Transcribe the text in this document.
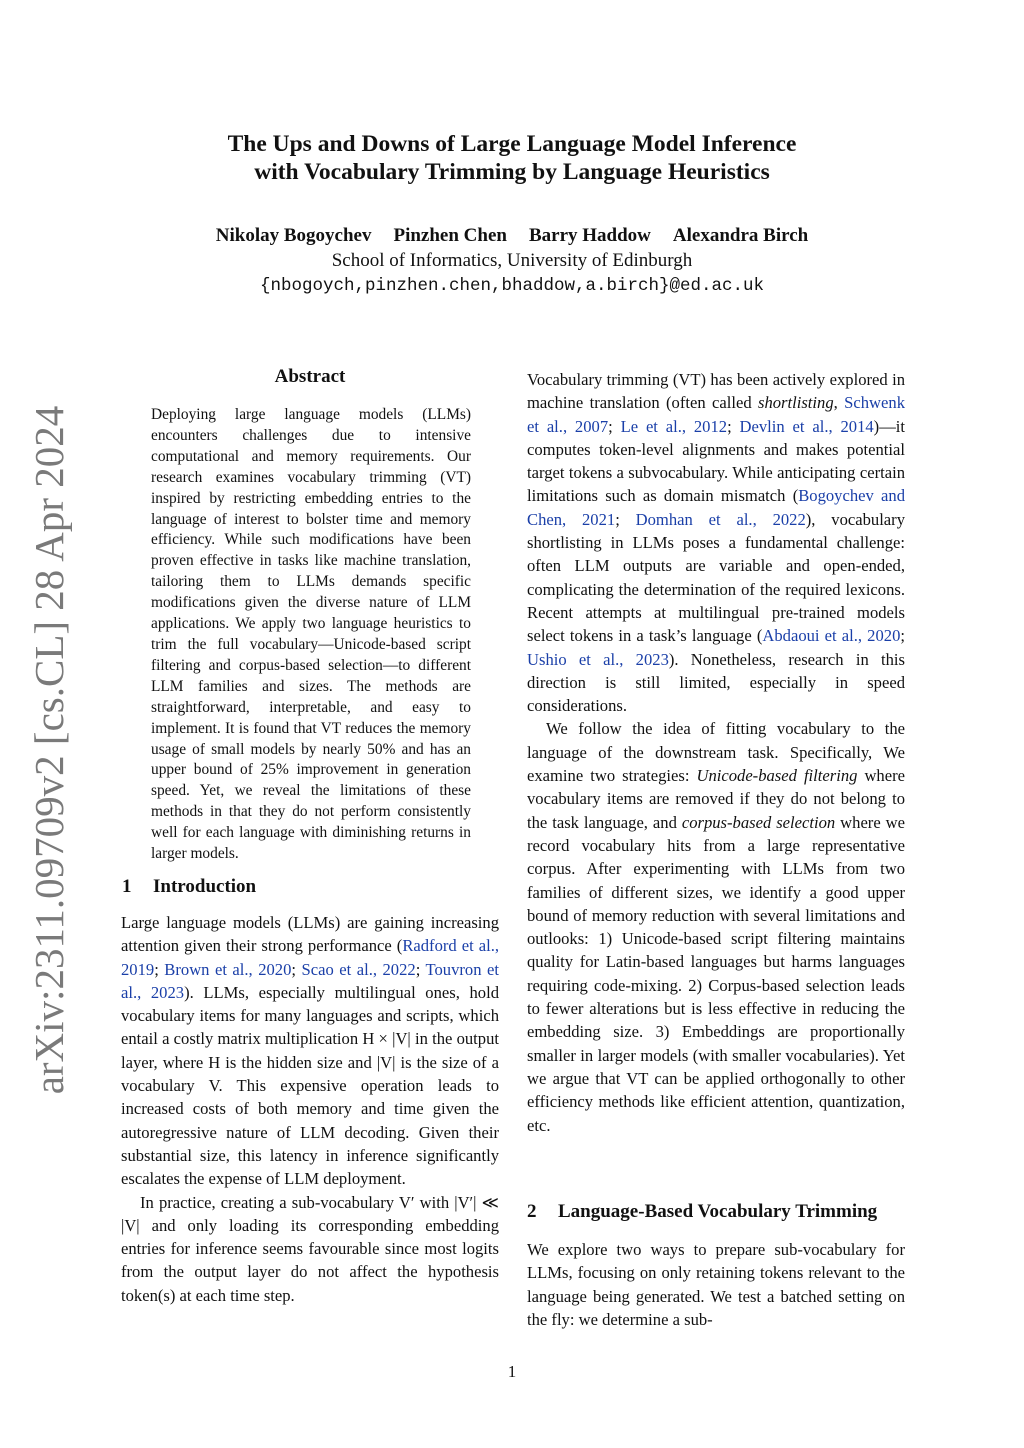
arXiv:2311.09709v2 [cs.CL] 28 Apr 2024
The Ups and Downs of Large Language Model Inference
with Vocabulary Trimming by Language Heuristics
Nikolay Bogoychev Pinzhen Chen Barry Haddow Alexandra Birch
School of Informatics, University of Edinburgh
{nbogoych,pinzhen.chen,bhaddow,a.birch}@ed.ac.uk
Abstract
Deploying large language models (LLMs) encounters challenges due to intensive computational and memory requirements. Our research examines vocabulary trimming (VT) inspired by restricting embedding entries to the language of interest to bolster time and memory efficiency. While such modifications have been proven effective in tasks like machine translation, tailoring them to LLMs demands specific modifications given the diverse nature of LLM applications. We apply two language heuristics to trim the full vocabulary—Unicode-based script filtering and corpus-based selection—to different LLM families and sizes. The methods are straightforward, interpretable, and easy to implement. It is found that VT reduces the memory usage of small models by nearly 50% and has an upper bound of 25% improvement in generation speed. Yet, we reveal the limitations of these methods in that they do not perform consistently well for each language with diminishing returns in larger models.
1 Introduction

Large language models (LLMs) are gaining increasing attention given their strong performance (Radford et al., 2019; Brown et al., 2020; Scao et al., 2022; Touvron et al., 2023). LLMs, especially multilingual ones, hold vocabulary items for many languages and scripts, which entail a costly matrix multiplication H × |V| in the output layer, where H is the hidden size and |V| is the size of a vocabulary V. This expensive operation leads to increased costs of both memory and time given the autoregressive nature of LLM decoding. Given their substantial size, this latency in inference significantly escalates the expense of LLM deployment.

In practice, creating a sub-vocabulary V′ with |V′| ≪ |V| and only loading its corresponding embedding entries for inference seems favourable since most logits from the output layer do not affect the hypothesis token(s) at each time step.

Vocabulary trimming (VT) has been actively explored in machine translation (often called shortlisting, Schwenk et al., 2007; Le et al., 2012; Devlin et al., 2014)—it computes token-level alignments and makes potential target tokens a subvocabulary. While anticipating certain limitations such as domain mismatch (Bogoychev and Chen, 2021; Domhan et al., 2022), vocabulary shortlisting in LLMs poses a fundamental challenge: often LLM outputs are variable and open-ended, complicating the determination of the required lexicons. Recent attempts at multilingual pre-trained models select tokens in a task’s language (Abdaoui et al., 2020; Ushio et al., 2023). Nonetheless, research in this direction is still limited, especially in speed considerations.

We follow the idea of fitting vocabulary to the language of the downstream task. Specifically, We examine two strategies: Unicode-based filtering where vocabulary items are removed if they do not belong to the task language, and corpus-based selection where we record vocabulary hits from a large representative corpus. After experimenting with LLMs from two families of different sizes, we identify a good upper bound of memory reduction with several limitations and outlooks: 1) Unicode-based script filtering maintains quality for Latin-based languages but harms languages requiring code-mixing. 2) Corpus-based selection leads to fewer alterations but is less effective in reducing the embedding size. 3) Embeddings are proportionally smaller in larger models (with smaller vocabularies). Yet we argue that VT can be applied orthogonally to other efficiency methods like efficient attention, quantization, etc.

2 Language-Based Vocabulary Trimming

We explore two ways to prepare sub-vocabulary for LLMs, focusing on only retaining tokens relevant to the language being generated. We test a batched setting on the fly: we determine a sub-

1
